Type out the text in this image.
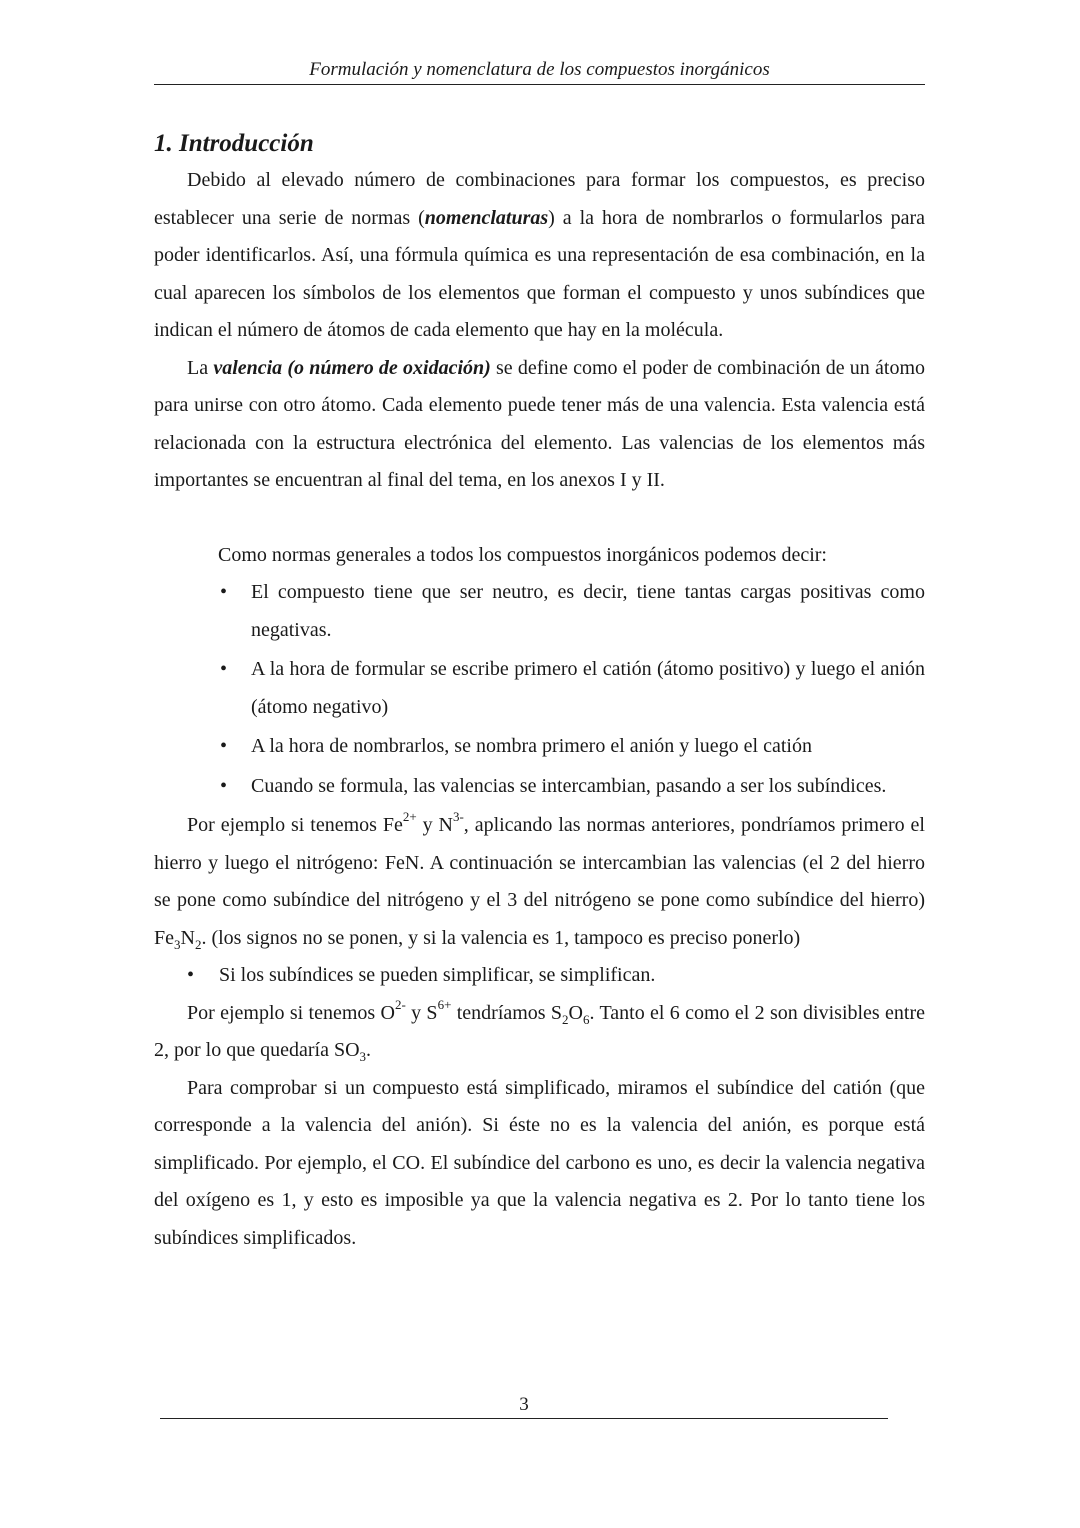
Formulación y nomenclatura de los compuestos inorgánicos
1. Introducción

Debido al elevado número de combinaciones para formar los compuestos, es preciso establecer una serie de normas (nomenclaturas) a la hora de nombrarlos o formularlos para poder identificarlos. Así, una fórmula química es una representación de esa combinación, en la cual aparecen los símbolos de los elementos que forman el compuesto y unos subíndices que indican el número de átomos de cada elemento que hay en la molécula.

La valencia (o número de oxidación) se define como el poder de combinación de un átomo para unirse con otro átomo. Cada elemento puede tener más de una valencia. Esta valencia está relacionada con la estructura electrónica del elemento. Las valencias de los elementos más importantes se encuentran al final del tema, en los anexos I y II.

Como normas generales a todos los compuestos inorgánicos podemos decir:

• El compuesto tiene que ser neutro, es decir, tiene tantas cargas positivas como negativas.
• A la hora de formular se escribe primero el catión (átomo positivo) y luego el anión (átomo negativo)
• A la hora de nombrarlos, se nombra primero el anión y luego el catión
• Cuando se formula, las valencias se intercambian, pasando a ser los subíndices.

Por ejemplo si tenemos $Fe^{2+}$ y $N^{3-}$, aplicando las normas anteriores, pondríamos primero el hierro y luego el nitrógeno: FeN. A continuación se intercambian las valencias (el 2 del hierro se pone como subíndice del nitrógeno y el 3 del nitrógeno se pone como subíndice del hierro) $Fe_3N_2$. (los signos no se ponen, y si la valencia es 1, tampoco es preciso ponerlo)

• Si los subíndices se pueden simplificar, se simplifican.

Por ejemplo si tenemos $O^{2-}$ y $S^{6+}$ tendríamos $S_2O_6$. Tanto el 6 como el 2 son divisibles entre 2, por lo que quedaría $SO_3$.

Para comprobar si un compuesto está simplificado, miramos el subíndice del catión (que corresponde a la valencia del anión). Si éste no es la valencia del anión, es porque está simplificado. Por ejemplo, el CO. El subíndice del carbono es uno, es decir la valencia negativa del oxígeno es 1, y esto es imposible ya que la valencia negativa es 2. Por lo tanto tiene los subíndices simplificados.

3
